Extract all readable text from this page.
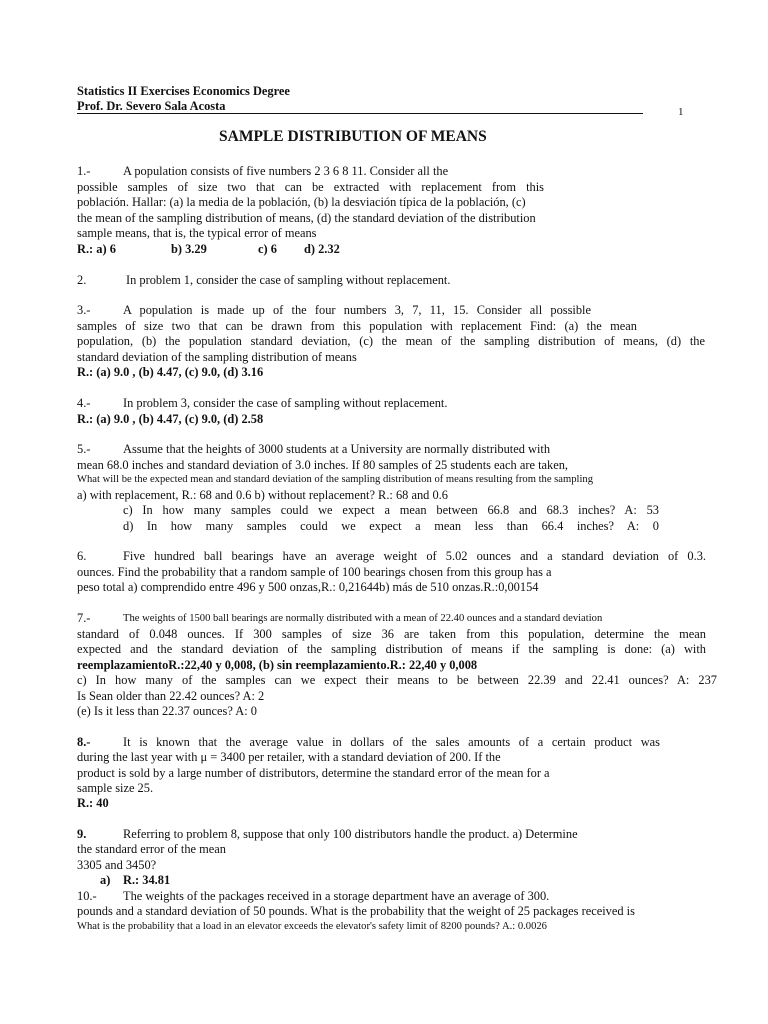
Statistics II Exercises Economics Degree
Prof. Dr. Severo Sala Acosta	1
SAMPLE DISTRIBUTION OF MEANS
1.-	A population consists of five numbers 2 3 6 8 11. Consider all the
possible samples of size two that can be extracted with replacement from this
población. Hallar: (a) la media de la población, (b) la desviación típica de la población, (c)
the mean of the sampling distribution of means, (d) the standard deviation of the distribution
sample means, that is, the typical error of means
R.: a) 6	b) 3.29	c) 6 d) 2.32
2.	In problem 1, consider the case of sampling without replacement.
3.-	A population is made up of the four numbers 3, 7, 11, 15. Consider all possible
samples of size two that can be drawn from this population with replacement Find: (a) the mean
population, (b) the population standard deviation, (c) the mean of the sampling distribution of means, (d) the
standard deviation of the sampling distribution of means
R.: (a) 9.0 , (b) 4.47, (c) 9.0, (d) 3.16
4.-	In problem 3, consider the case of sampling without replacement.
R.: (a) 9.0 , (b) 4.47, (c) 9.0, (d) 2.58
5.-	Assume that the heights of 3000 students at a University are normally distributed with
mean 68.0 inches and standard deviation of 3.0 inches. If 80 samples of 25 students each are taken,
What will be the expected mean and standard deviation of the sampling distribution of means resulting from the sampling
a) with replacement, R.: 68 and 0.6 b) without replacement? R.: 68 and 0.6
c) In how many samples could we expect a mean between 66.8 and 68.3 inches? A: 53
d) In how many samples could we expect a mean less than 66.4 inches? A: 0
6.	Five hundred ball bearings have an average weight of 5.02 ounces and a standard deviation of 0.3.
ounces. Find the probability that a random sample of 100 bearings chosen from this group has a
peso total a) comprendido entre 496 y 500 onzas,R.: 0,21644b) más de 510 onzas.R.:0,00154
7.-	The weights of 1500 ball bearings are normally distributed with a mean of 22.40 ounces and a standard deviation
standard of 0.048 ounces. If 300 samples of size 36 are taken from this population, determine the mean
expected and the standard deviation of the sampling distribution of means if the sampling is done: (a) with
reemplazamientoR.:22,40 y 0,008, (b) sin reemplazamiento.R.: 22,40 y 0,008
c) In how many of the samples can we expect their means to be between 22.39 and 22.41 ounces? A: 237
Is Sean older than 22.42 ounces? A: 2
(e) Is it less than 22.37 ounces? A: 0
8.-	It is known that the average value in dollars of the sales amounts of a certain product was
during the last year with μ = 3400 per retailer, with a standard deviation of 200. If the
product is sold by a large number of distributors, determine the standard error of the mean for a
sample size 25.
R.: 40
9.	Referring to problem 8, suppose that only 100 distributors handle the product. a) Determine
the standard error of the mean
3305 and 3450?
a) R.: 34.81
10.- The weights of the packages received in a storage department have an average of 300.
pounds and a standard deviation of 50 pounds. What is the probability that the weight of 25 packages received is
What is the probability that a load in an elevator exceeds the elevator's safety limit of 8200 pounds? A.: 0.0026
